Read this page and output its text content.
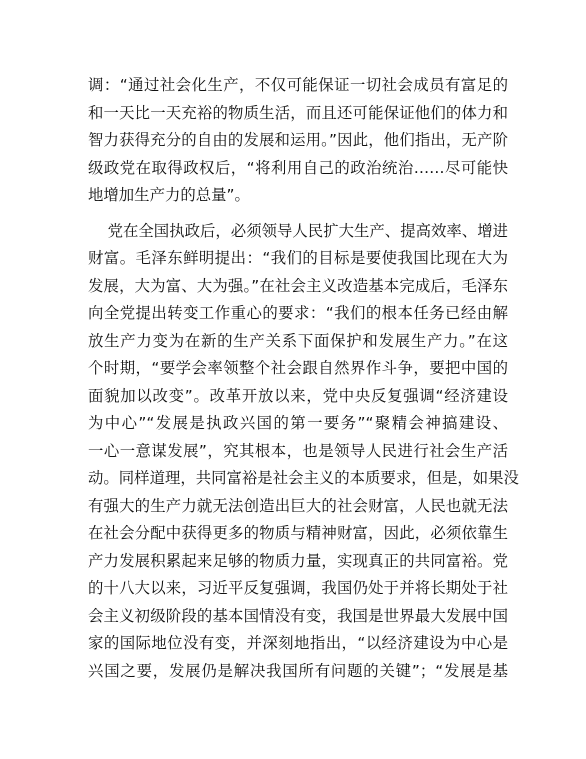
调：“通过社会化生产，不仅可能保证一切社会成员有富足的
和一天比一天充裕的物质生活，而且还可能保证他们的体力和
智力获得充分的自由的发展和运用。”因此，他们指出，无产阶
级政党在取得政权后，“将利用自己的政治统治……尽可能快
地增加生产力的总量”。
党在全国执政后，必须领导人民扩大生产、提高效率、增进
财富。毛泽东鲜明提出：“我们的目标是要使我国比现在大为
发展，大为富、大为强。”在社会主义改造基本完成后，毛泽东
向全党提出转变工作重心的要求：“我们的根本任务已经由解
放生产力变为在新的生产关系下面保护和发展生产力。”在这
个时期，“要学会率领整个社会跟自然界作斗争，要把中国的
面貌加以改变”。改革开放以来，党中央反复强调“经济建设
为中心”“发展是执政兴国的第一要务”“聚精会神搞建设、
一心一意谋发展”，究其根本，也是领导人民进行社会生产活
动。同样道理，共同富裕是社会主义的本质要求，但是，如果没
有强大的生产力就无法创造出巨大的社会财富，人民也就无法
在社会分配中获得更多的物质与精神财富，因此，必须依靠生
产力发展积累起来足够的物质力量，实现真正的共同富裕。党
的十八大以来，习近平反复强调，我国仍处于并将长期处于社
会主义初级阶段的基本国情没有变，我国是世界最大发展中国
家的国际地位没有变，并深刻地指出，“以经济建设为中心是
兴国之要，发展仍是解决我国所有问题的关键”；“发展是基
